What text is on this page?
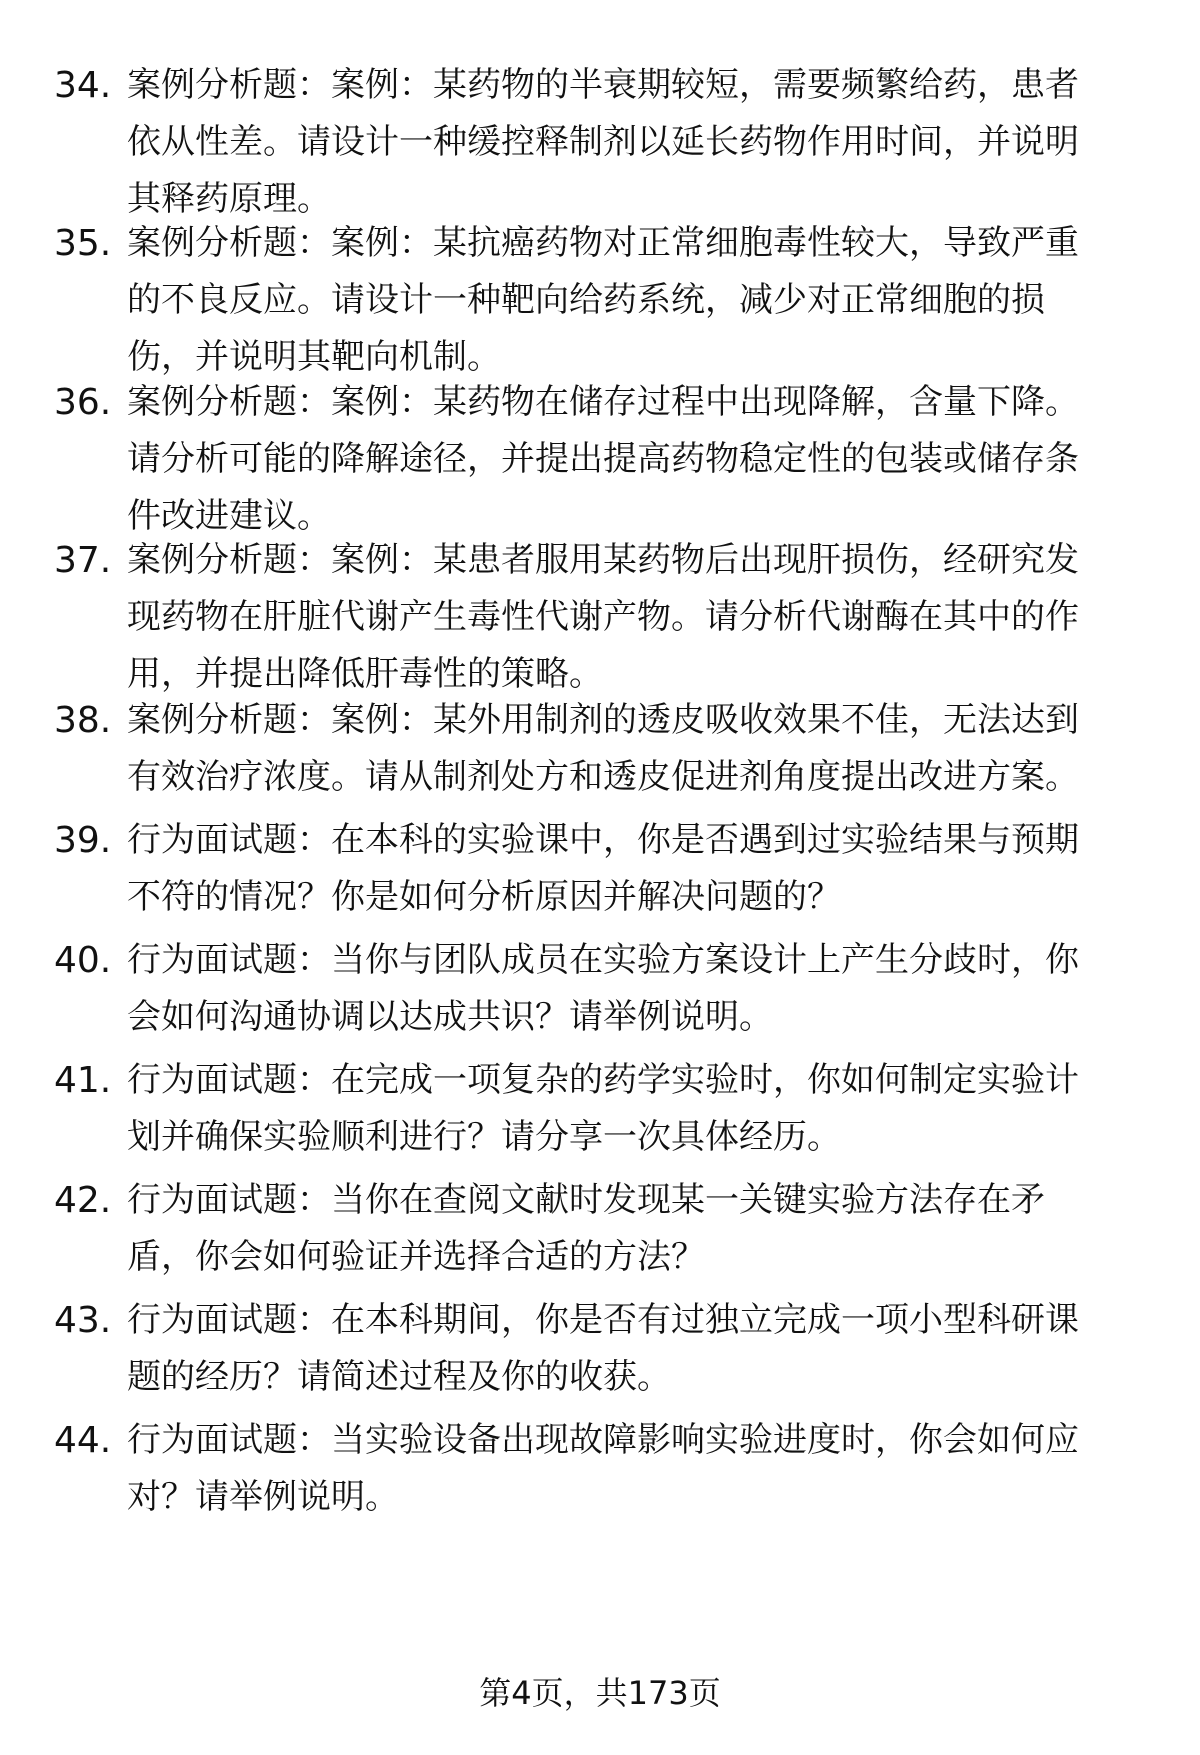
34. 案例分析题：案例：某药物的半衰期较短，需要频繁给药，患者
依从性差。请设计一种缓控释制剂以延长药物作用时间，并说明
其释药原理。
35. 案例分析题：案例：某抗癌药物对正常细胞毒性较大，导致严重
的不良反应。请设计一种靶向给药系统，减少对正常细胞的损
伤，并说明其靶向机制。
36. 案例分析题：案例：某药物在储存过程中出现降解，含量下降。
请分析可能的降解途径，并提出提高药物稳定性的包装或储存条
件改进建议。
37. 案例分析题：案例：某患者服用某药物后出现肝损伤，经研究发
现药物在肝脏代谢产生毒性代谢产物。请分析代谢酶在其中的作
用，并提出降低肝毒性的策略。
38. 案例分析题：案例：某外用制剂的透皮吸收效果不佳，无法达到
有效治疗浓度。请从制剂处方和透皮促进剂角度提出改进方案。
39. 行为面试题：在本科的实验课中，你是否遇到过实验结果与预期
不符的情况？你是如何分析原因并解决问题的？
40. 行为面试题：当你与团队成员在实验方案设计上产生分歧时，你
会如何沟通协调以达成共识？请举例说明。
41. 行为面试题：在完成一项复杂的药学实验时，你如何制定实验计
划并确保实验顺利进行？请分享一次具体经历。
42. 行为面试题：当你在查阅文献时发现某一关键实验方法存在矛
盾，你会如何验证并选择合适的方法？
43. 行为面试题：在本科期间，你是否有过独立完成一项小型科研课
题的经历？请简述过程及你的收获。
44. 行为面试题：当实验设备出现故障影响实验进度时，你会如何应
对？请举例说明。
第4页，共173页
